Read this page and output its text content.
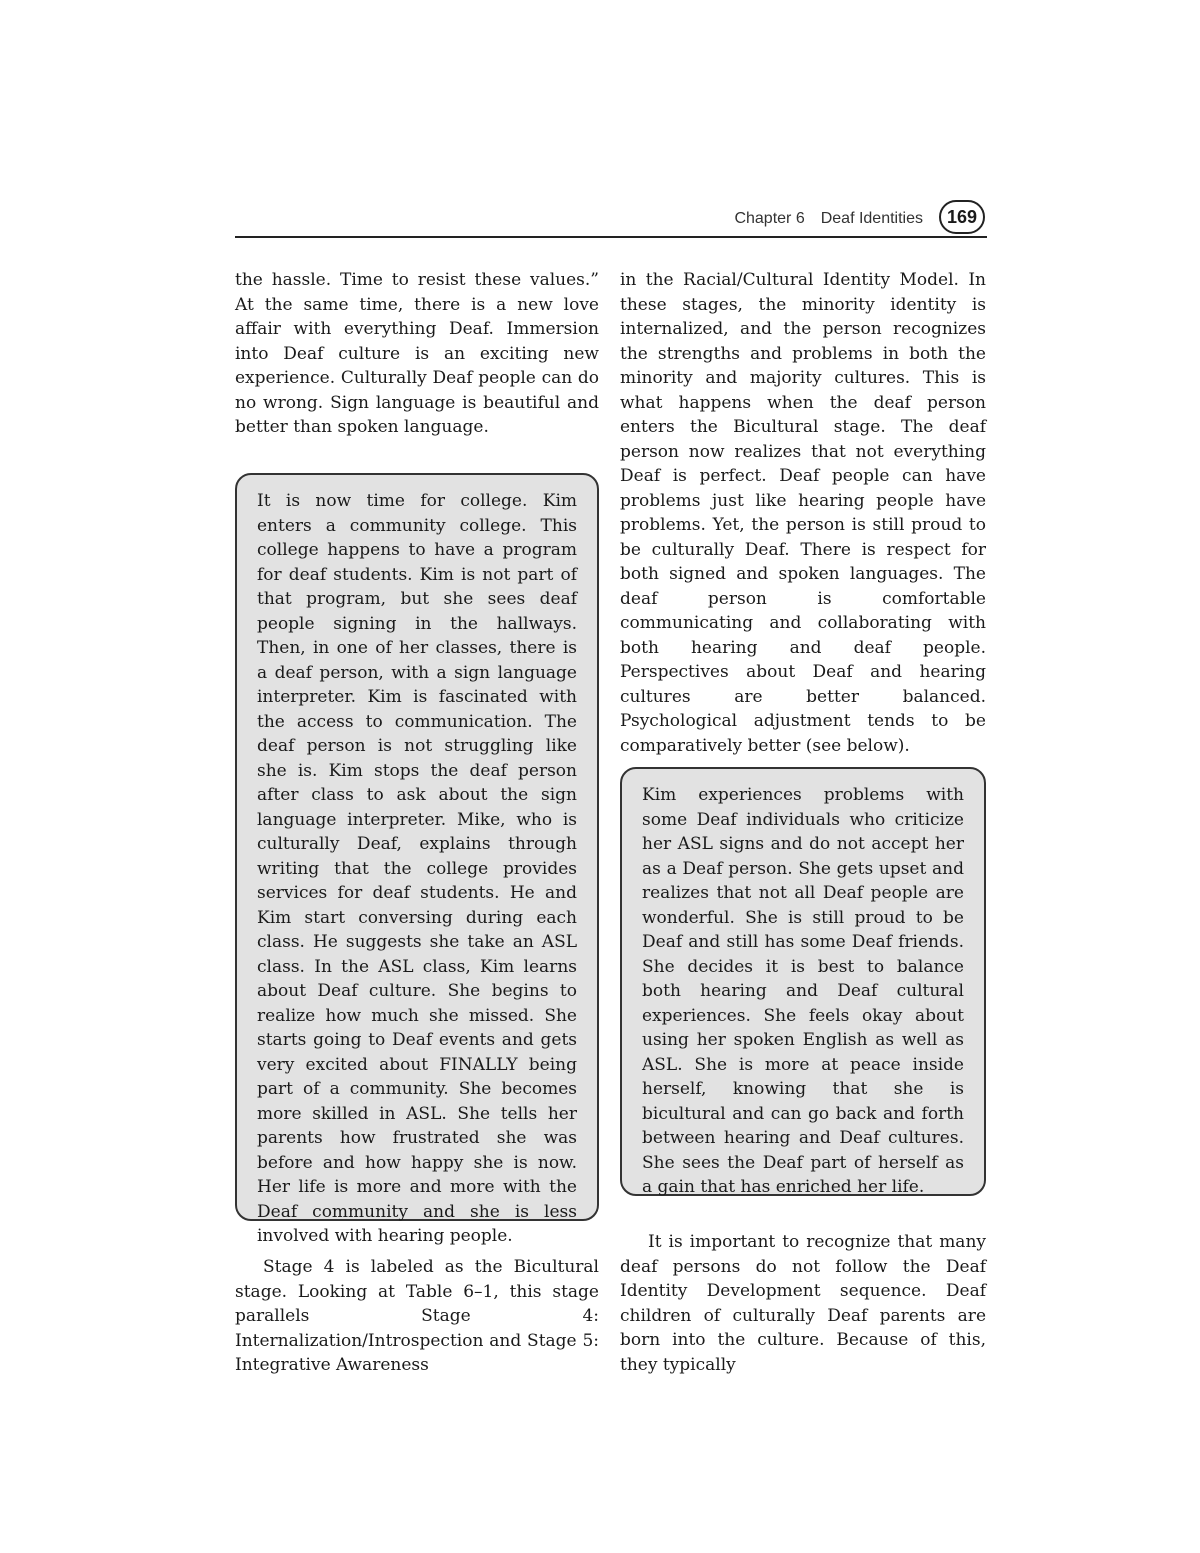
Chapter 6 Deaf Identities	169

the hassle. Time to resist these values.” At the same time, there is a new love affair with everything Deaf. Immersion into Deaf culture is an exciting new experience. Culturally Deaf people can do no wrong. Sign language is beautiful and better than spoken language.

It is now time for college. Kim enters a community college. This college happens to have a program for deaf students. Kim is not part of that program, but she sees deaf people signing in the hallways. Then, in one of her classes, there is a deaf person, with a sign language interpreter. Kim is fascinated with the access to communication. The deaf person is not struggling like she is. Kim stops the deaf person after class to ask about the sign language interpreter. Mike, who is culturally Deaf, explains through writing that the college provides services for deaf students. He and Kim start conversing during each class. He suggests she take an ASL class. In the ASL class, Kim learns about Deaf culture. She begins to realize how much she missed. She starts going to Deaf events and gets very excited about FINALLY being part of a community. She becomes more skilled in ASL. She tells her parents how frustrated she was before and how happy she is now. Her life is more and more with the Deaf community and she is less involved with hearing people.

Stage 4 is labeled as the Bicultural stage. Looking at Table 6–1, this stage parallels Stage 4: Internalization/Introspection and Stage 5: Integrative Awareness

in the Racial/Cultural Identity Model. In these stages, the minority identity is internalized, and the person recognizes the strengths and problems in both the minority and majority cultures. This is what happens when the deaf person enters the Bicultural stage. The deaf person now realizes that not everything Deaf is perfect. Deaf people can have problems just like hearing people have problems. Yet, the person is still proud to be culturally Deaf. There is respect for both signed and spoken languages. The deaf person is comfortable communicating and collaborating with both hearing and deaf people. Perspectives about Deaf and hearing cultures are better balanced. Psychological adjustment tends to be comparatively better (see below).

Kim experiences problems with some Deaf individuals who criticize her ASL signs and do not accept her as a Deaf person. She gets upset and realizes that not all Deaf people are wonderful. She is still proud to be Deaf and still has some Deaf friends. She decides it is best to balance both hearing and Deaf cultural experiences. She feels okay about using her spoken English as well as ASL. She is more at peace inside herself, knowing that she is bicultural and can go back and forth between hearing and Deaf cultures. She sees the Deaf part of herself as a gain that has enriched her life.

It is important to recognize that many deaf persons do not follow the Deaf Identity Development sequence. Deaf children of culturally Deaf parents are born into the culture. Because of this, they typically
